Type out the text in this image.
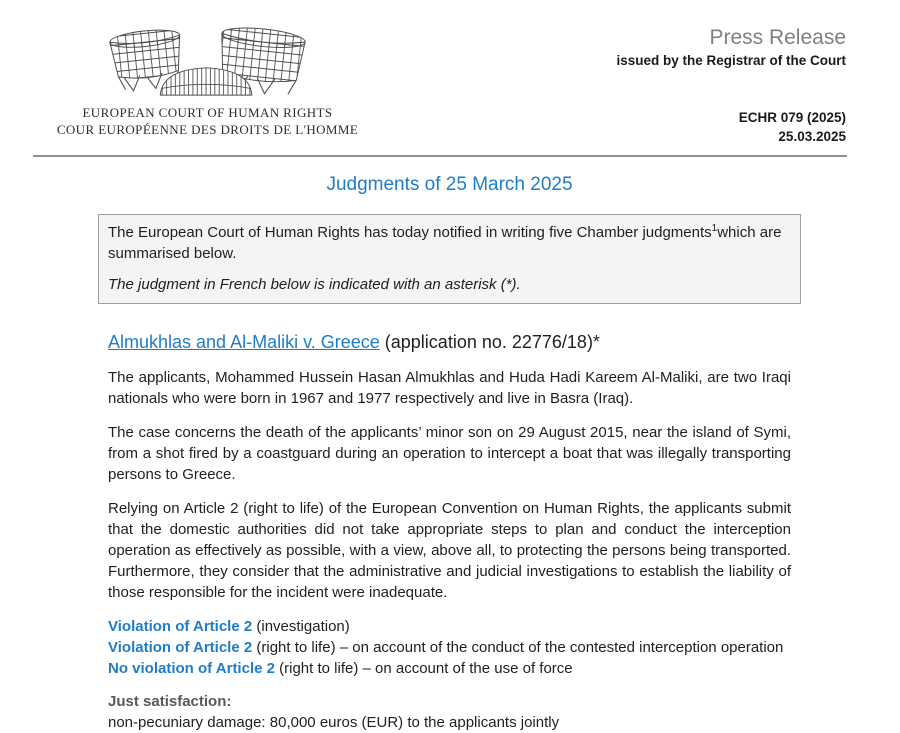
EUROPEAN COURT OF HUMAN RIGHTS
COUR EUROPÉENNE DES DROITS DE L'HOMME
Press Release
issued by the Registrar of the Court
ECHR 079 (2025)
25.03.2025
Judgments of 25 March 2025

The European Court of Human Rights has today notified in writing five Chamber judgments$^1$which are summarised below.

The judgment in French below is indicated with an asterisk (*).

Almukhlas and Al-Maliki v. Greece (application no. 22776/18)*

The applicants, Mohammed Hussein Hasan Almukhlas and Huda Hadi Kareem Al-Maliki, are two Iraqi nationals who were born in 1967 and 1977 respectively and live in Basra (Iraq).

The case concerns the death of the applicants’ minor son on 29 August 2015, near the island of Symi, from a shot fired by a coastguard during an operation to intercept a boat that was illegally transporting persons to Greece.

Relying on Article 2 (right to life) of the European Convention on Human Rights, the applicants submit that the domestic authorities did not take appropriate steps to plan and conduct the interception operation as effectively as possible, with a view, above all, to protecting the persons being transported. Furthermore, they consider that the administrative and judicial investigations to establish the liability of those responsible for the incident were inadequate.

Violation of Article 2 (investigation)
Violation of Article 2 (right to life) – on account of the conduct of the contested interception operation
No violation of Article 2 (right to life) – on account of the use of force

Just satisfaction:

non-pecuniary damage: 80,000 euros (EUR) to the applicants jointly
